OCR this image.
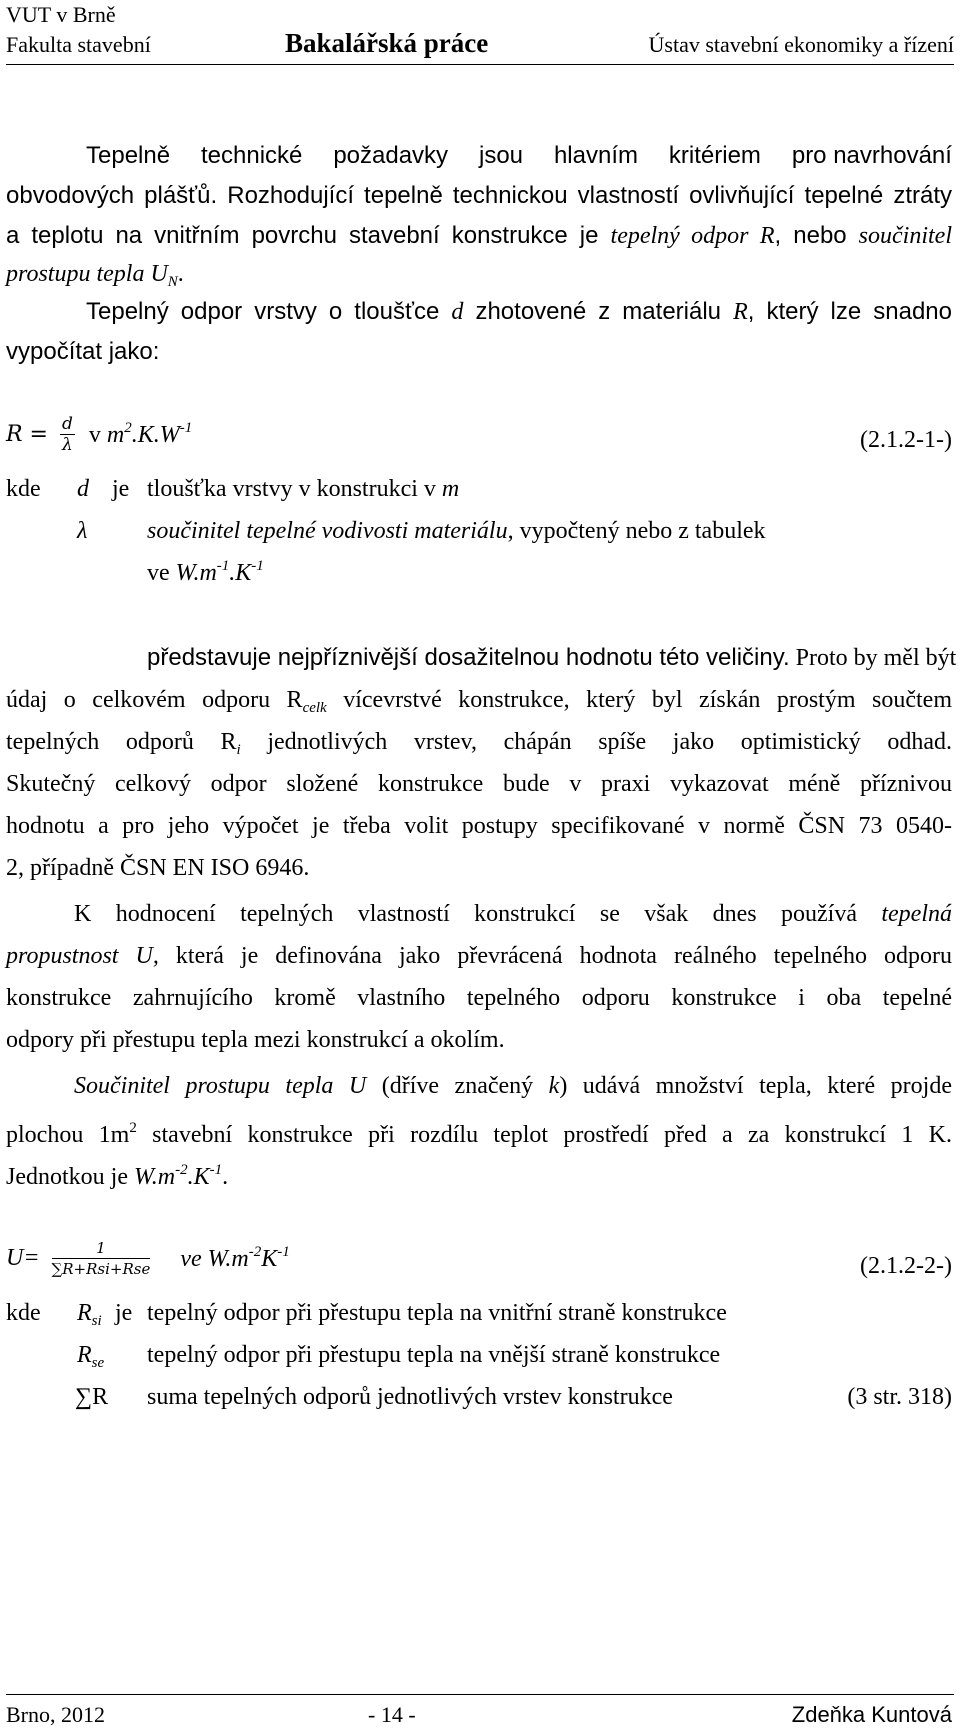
VUT v Brně
Fakulta stavební	Bakalářská práce	Ústav stavební ekonomiky a řízení
Tepelně technické požadavky jsou hlavním kritériem pro navrhování
obvodových plášťů. Rozhodující tepelně technickou vlastností ovlivňující tepelné ztráty
a teplotu na vnitřním povrchu stavební konstrukce je tepelný odpor R, nebo součinitel
prostupu tepla $U_N$.
Tepelný odpor vrstvy o tloušťce d zhotovené z materiálu R, který lze snadno
vypočítat jako:
$R = \frac{d}{\lambda}$ v $m^2.K.W^{-1}$	(2.1.2-1-)
kde d je tloušťka vrstvy v konstrukci v m
λ součinitel tepelné vodivosti materiálu, vypočtený nebo z tabulek
ve $W.m^{-1}.K^{-1}$
představuje nejpříznivější dosažitelnou hodnotu této veličiny. Proto by měl být
údaj o celkovém odporu $R_{celk}$ vícevrstvé konstrukce, který byl získán prostým součtem
tepelných odporů $R_i$ jednotlivých vrstev, chápán spíše jako optimistický odhad.
Skutečný celkový odpor složené konstrukce bude v praxi vykazovat méně příznivou
hodnotu a pro jeho výpočet je třeba volit postupy specifikované v normě ČSN 73 0540-
2, případně ČSN EN ISO 6946.
K hodnocení tepelných vlastností konstrukcí se však dnes používá tepelná
propustnost U, která je definována jako převrácená hodnota reálného tepelného odporu
konstrukce zahrnujícího kromě vlastního tepelného odporu konstrukce i oba tepelné
odpory při přestupu tepla mezi konstrukcí a okolím.
Součinitel prostupu tepla U (dříve značený k) udává množství tepla, které projde
plochou $1m^2$ stavební konstrukce při rozdílu teplot prostředí před a za konstrukcí 1 K.
Jednotkou je $W.m^{-2}.K^{-1}$.
$U= \frac{1}{\text{∑R+Rsi+Rse}}$ ve $W.m^{-2}K^{-1}$
(2.1.2-2-)
kde $R_{si}$ je tepelný odpor při přestupu tepla na vnitřní straně konstrukce
$R_{se}$ tepelný odpor při přestupu tepla na vnější straně konstrukce
∑R suma tepelných odporů jednotlivých vrstev konstrukce	(3 str. 318)
Brno, 2012	- 14 -	Zdeňka Kuntová
